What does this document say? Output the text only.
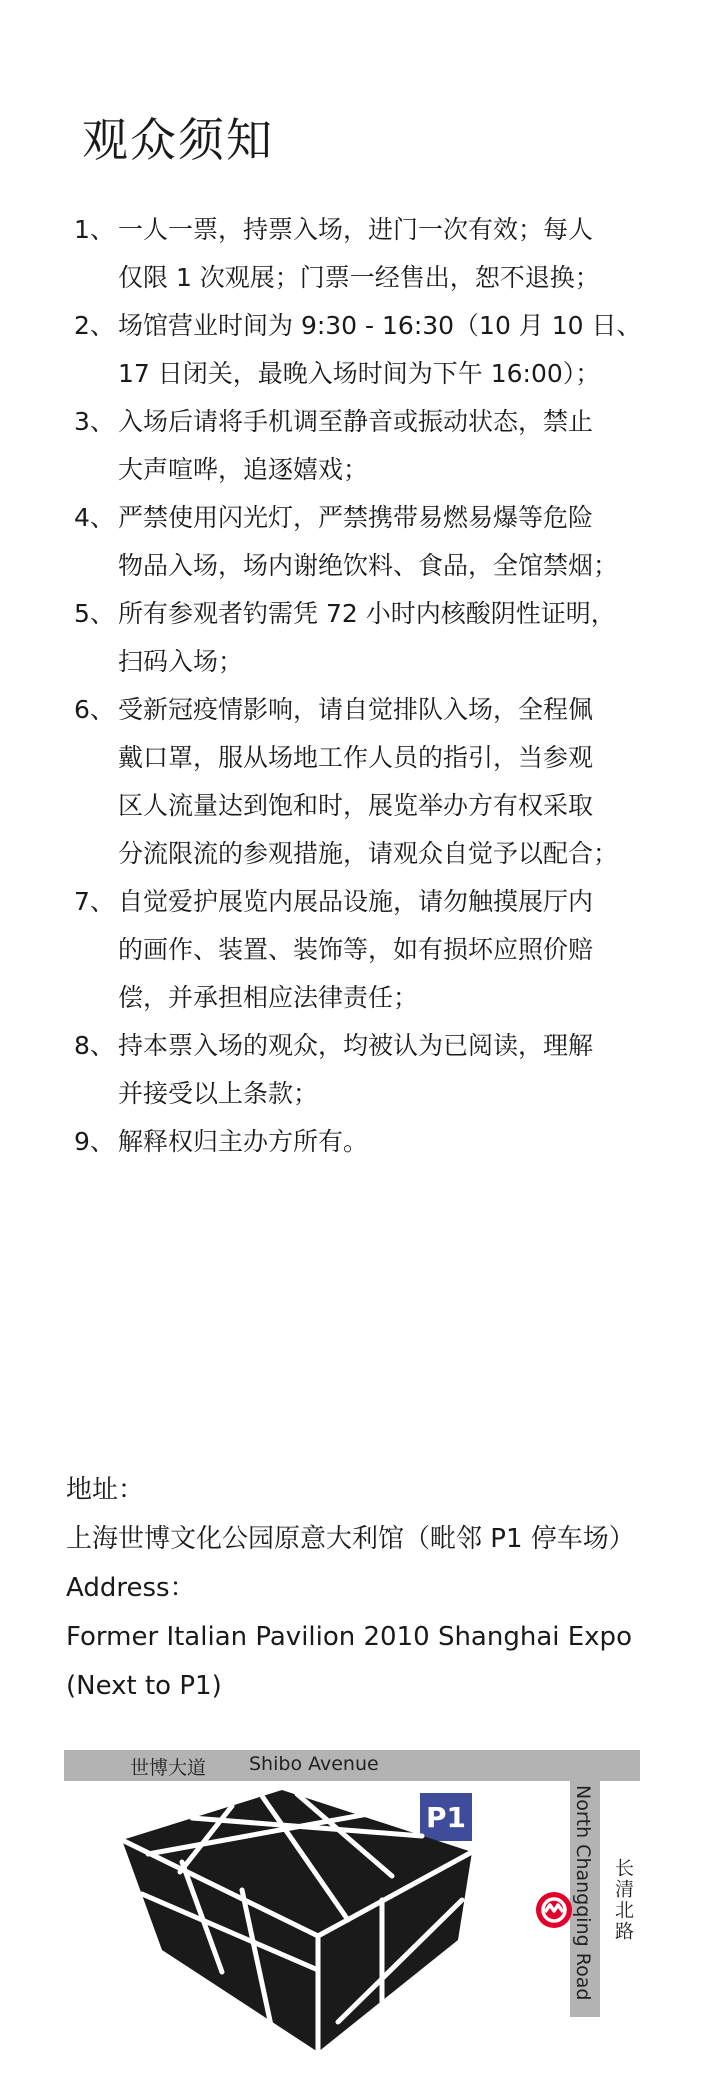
观众须知
1、 一人一票，持票入场，进门一次有效；每人
仅限 1 次观展；门票一经售出，恕不退换；
2、 场馆营业时间为 9:30 - 16:30（10 月 10 日、
17 日闭关，最晚入场时间为下午 16:00）；
3、 入场后请将手机调至静音或振动状态，禁止
大声喧哗，追逐嬉戏；
4、 严禁使用闪光灯，严禁携带易燃易爆等危险
物品入场，场内谢绝饮料、食品，全馆禁烟；
5、 所有参观者钓需凭 72 小时内核酸阴性证明，
扫码入场；
6、 受新冠疫情影响，请自觉排队入场，全程佩
戴口罩，服从场地工作人员的指引，当参观
区人流量达到饱和时，展览举办方有权采取
分流限流的参观措施，请观众自觉予以配合；
7、 自觉爱护展览内展品设施，请勿触摸展厅内
的画作、装置、装饰等，如有损坏应照价赔
偿，并承担相应法律责任；
8、 持本票入场的观众，均被认为已阅读，理解
并接受以上条款；
9、 解释权归主办方所有。
地址：
上海世博文化公园原意大利馆（毗邻 P1 停车场）
Address：
Former Italian Pavilion 2010 Shanghai Expo
(Next to P1)
世博大道 Shibo Avenue
North Changqing Road 长清北路
P1
